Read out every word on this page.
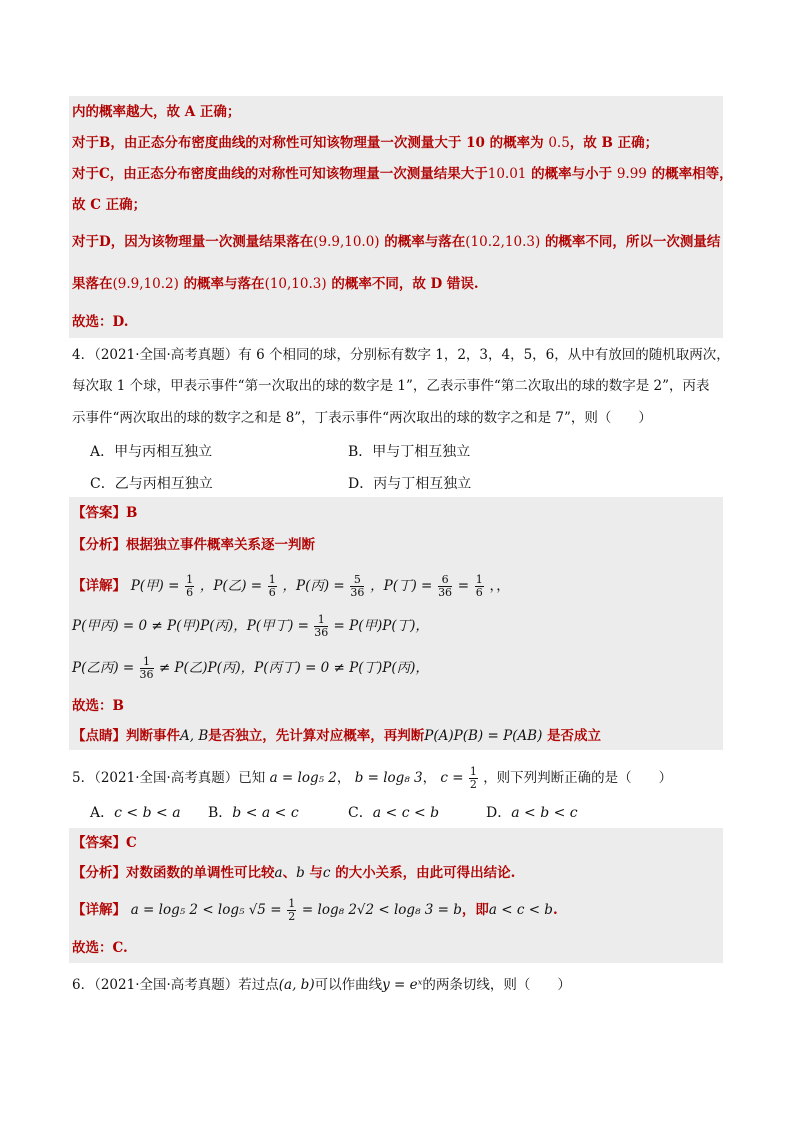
内的概率越大，故 A 正确；
对于B，由正态分布密度曲线的对称性可知该物理量一次测量大于 10 的概率为 0.5，故 B 正确；
对于C，由正态分布密度曲线的对称性可知该物理量一次测量结果大于10.01 的概率与小于 9.99 的概率相等，
故 C 正确；
对于D，因为该物理量一次测量结果落在(9.9,10.0) 的概率与落在(10.2,10.3) 的概率不同，所以一次测量结
果落在(9.9,10.2) 的概率与落在(10,10.3) 的概率不同，故 D 错误.
故选：D.
4．（2021·全国·高考真题）有 6 个相同的球，分别标有数字 1，2，3，4，5，6，从中有放回的随机取两次，
每次取 1 个球，甲表示事件“第一次取出的球的数字是 1”，乙表示事件“第二次取出的球的数字是 2”，丙表
示事件“两次取出的球的数字之和是 8”，丁表示事件“两次取出的球的数字之和是 7”，则（　　）
A．甲与丙相互独立	B．甲与丁相互独立
C．乙与丙相互独立	D．丙与丁相互独立
【答案】B
【分析】根据独立事件概率关系逐一判断
【详解】 P(甲) = $\frac{1}{6}$ ，P(乙) = $\frac{1}{6}$ ，P(丙) = $\frac{5}{36}$ ，P(丁) = $\frac{6}{36} = \frac{1}{6}$ ，，
P(甲丙) = 0 ≠ P(甲)P(丙)，P(甲丁) = $\frac{1}{36} = P$(甲)P(丁)，
P(乙丙) = $\frac{1}{36} \ne P$(乙)P(丙)，P(丙丁) = 0 ≠ P(丁)P(丙)，
故选：B
【点睛】判断事件A, B是否独立，先计算对应概率，再判断P(A)P(B) = P(AB) 是否成立
5．（2021·全国·高考真题）已知 a = log₅ 2， b = log₈ 3， $c = \frac{1}{2}$ ，则下列判断正确的是（　　）
A．c < b < a B．b < a < c	C．a < c < b	D．a < b < c
【答案】C
【分析】对数函数的单调性可比较a、b 与c 的大小关系，由此可得出结论.
【详解】 a = log₅ 2 < log₅ $√5 = \frac{1}{2} = \log_8$ 2√2 < log₈ 3 = b，即a < c < b.
故选：C.
6．（2021·全国·高考真题）若过点(a, b)可以作曲线y = eˣ的两条切线，则（　　）
